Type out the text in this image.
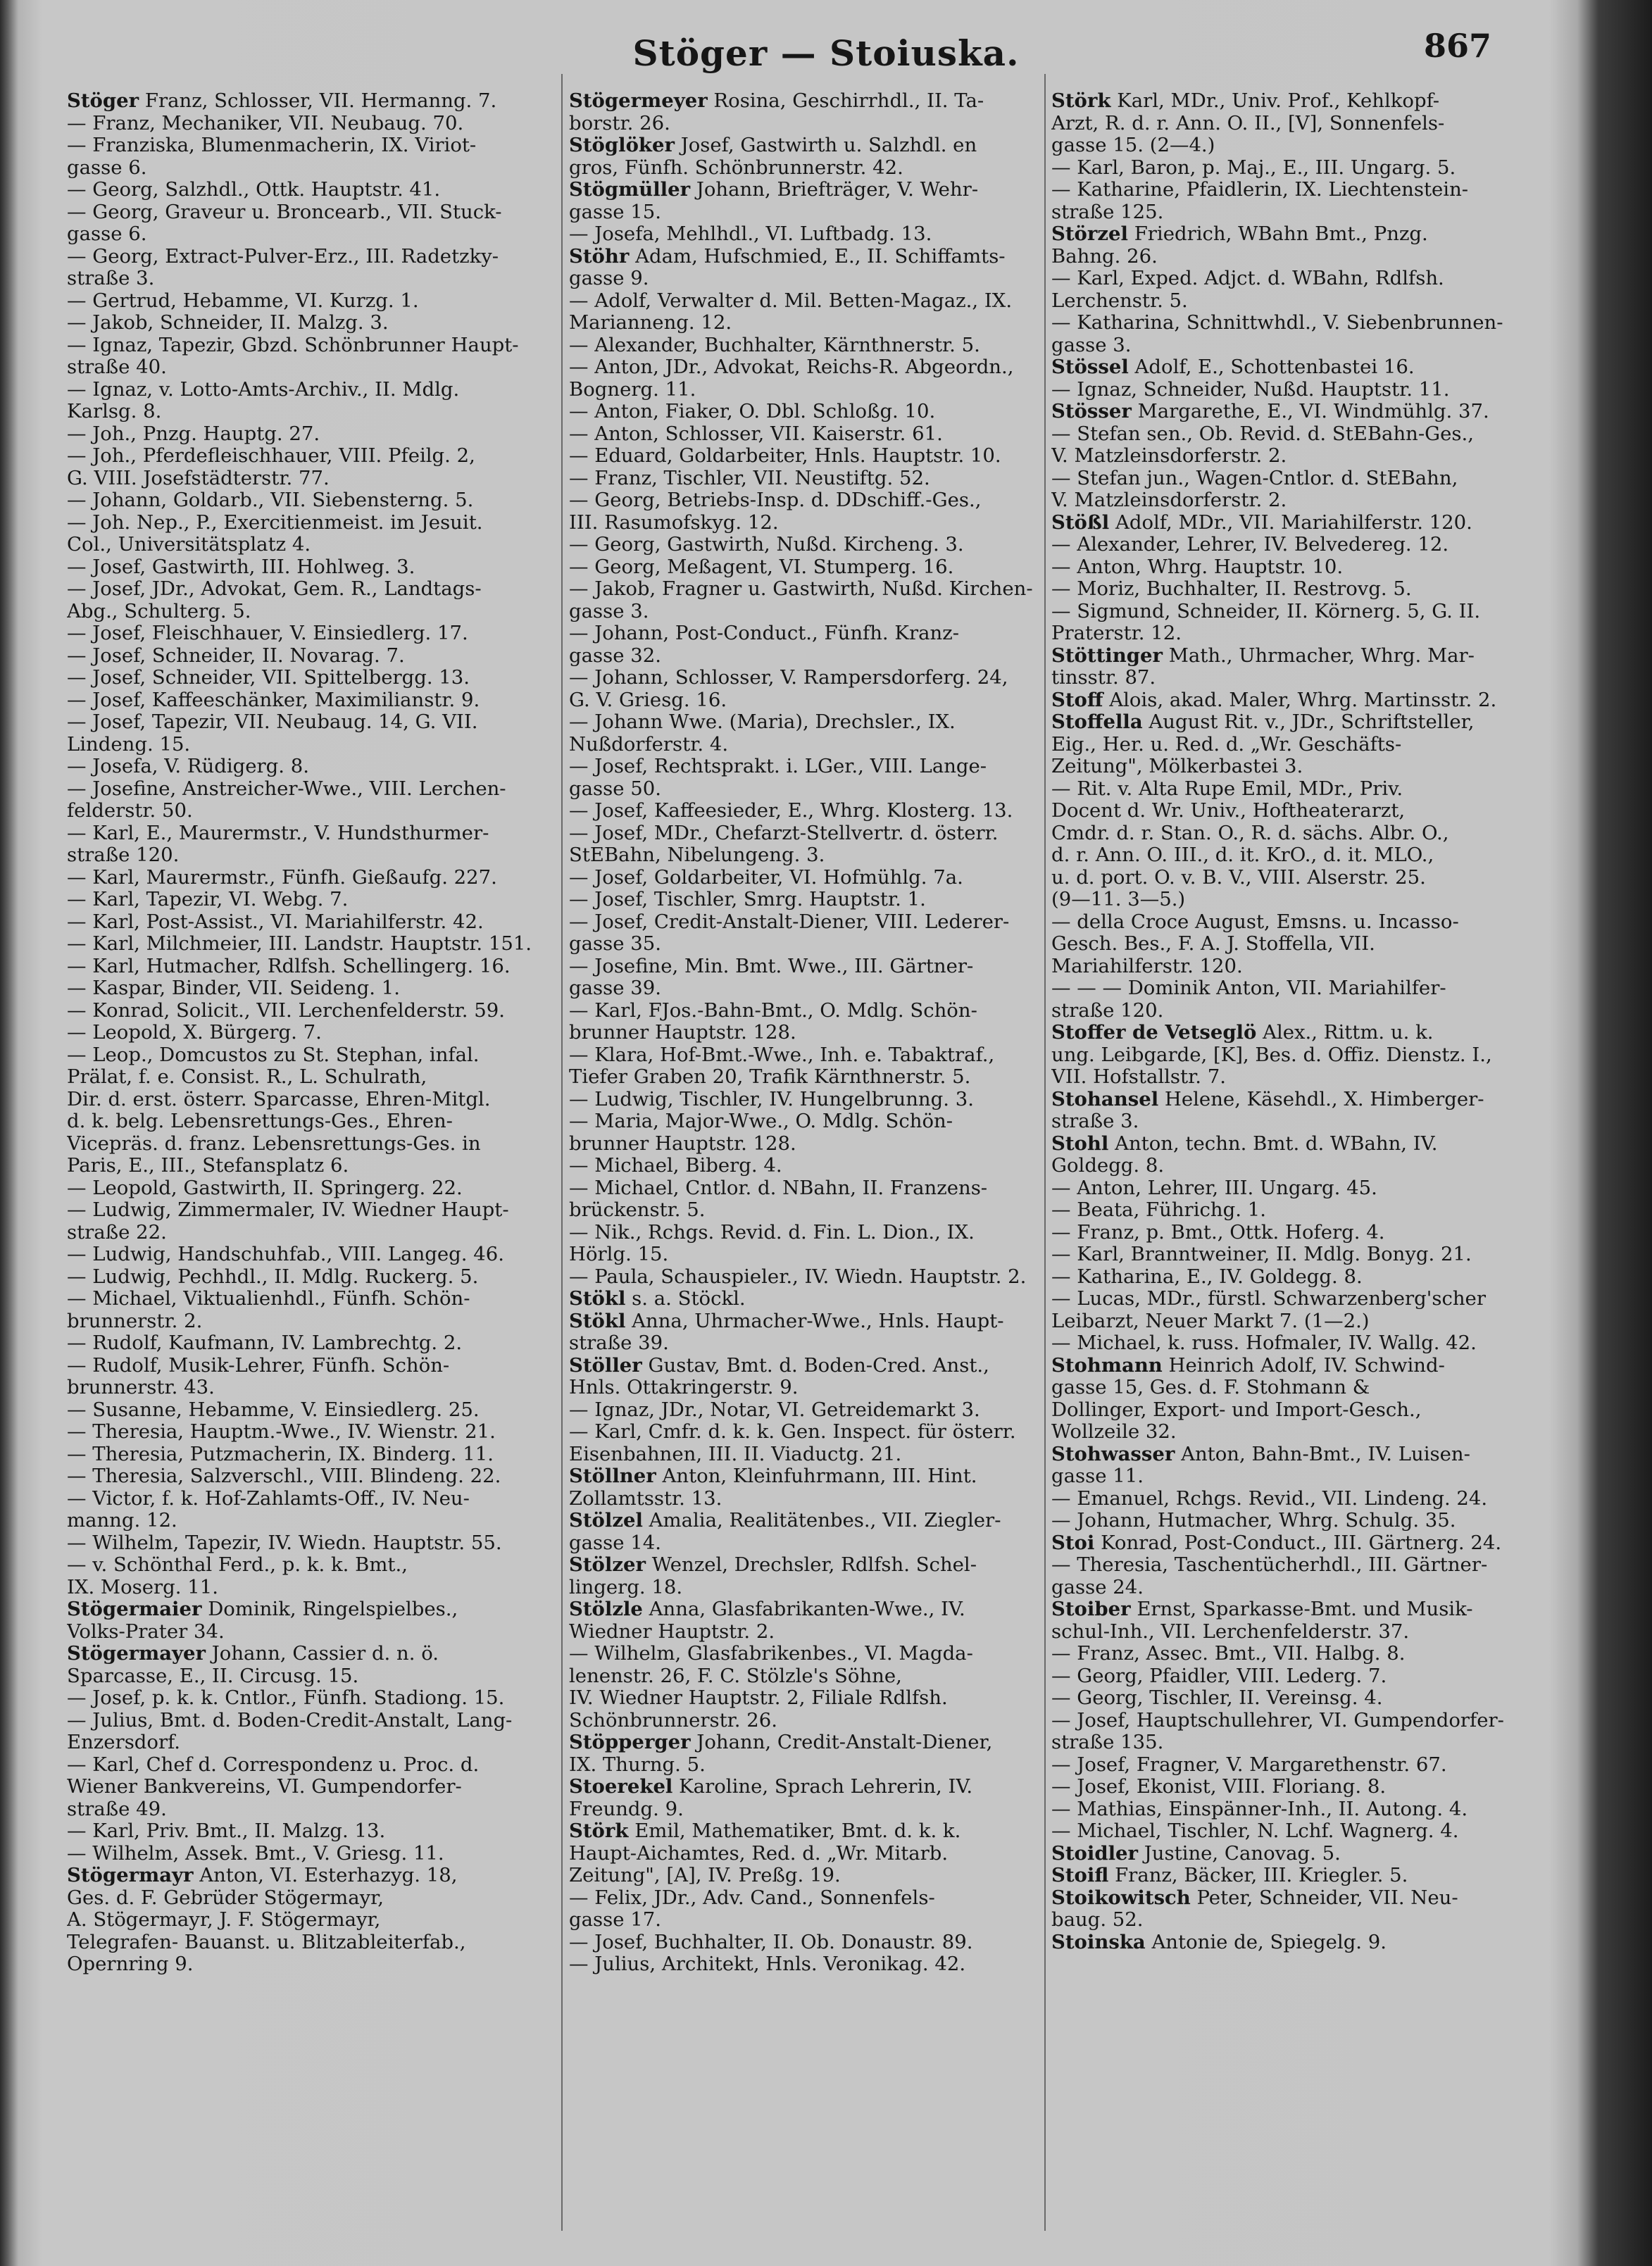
Stöger — Stoiuska.	867
Stöger Franz, Schlosser, VII. Hermanng. 7.
— Franz, Mechaniker, VII. Neubaug. 70.
— Franziska, Blumenmacherin, IX. Viriot-
gasse 6.
— Georg, Salzhdl., Ottk. Hauptstr. 41.
— Georg, Graveur u. Broncearb., VII. Stuck-
gasse 6.
— Georg, Extract-Pulver-Erz., III. Radetzky-
straße 3.
— Gertrud, Hebamme, VI. Kurzg. 1.
— Jakob, Schneider, II. Malzg. 3.
— Ignaz, Tapezir, Gbzd. Schönbrunner Haupt-
straße 40.
— Ignaz, v. Lotto-Amts-Archiv., II. Mdlg.
Karlsg. 8.
— Joh., Pnzg. Hauptg. 27.
— Joh., Pferdefleischhauer, VIII. Pfeilg. 2,
G. VIII. Josefstädterstr. 77.
— Johann, Goldarb., VII. Siebensterng. 5.
— Joh. Nep., P., Exercitienmeist. im Jesuit.
Col., Universitätsplatz 4.
— Josef, Gastwirth, III. Hohlweg. 3.
— Josef, JDr., Advokat, Gem. R., Landtags-
Abg., Schulterg. 5.
— Josef, Fleischhauer, V. Einsiedlerg. 17.
— Josef, Schneider, II. Novarag. 7.
— Josef, Schneider, VII. Spittelbergg. 13.
— Josef, Kaffeeschänker, Maximilianstr. 9.
— Josef, Tapezir, VII. Neubaug. 14, G. VII.
Lindeng. 15.
— Josefa, V. Rüdigerg. 8.
— Josefine, Anstreicher-Wwe., VIII. Lerchen-
felderstr. 50.
— Karl, E., Maurermstr., V. Hundsthurmer-
straße 120.
— Karl, Maurermstr., Fünfh. Gießaufg. 227.
— Karl, Tapezir, VI. Webg. 7.
— Karl, Post-Assist., VI. Mariahilferstr. 42.
— Karl, Milchmeier, III. Landstr. Hauptstr. 151.
— Karl, Hutmacher, Rdlfsh. Schellingerg. 16.
— Kaspar, Binder, VII. Seideng. 1.
— Konrad, Solicit., VII. Lerchenfelderstr. 59.
— Leopold, X. Bürgerg. 7.
— Leop., Domcustos zu St. Stephan, infal.
Prälat, f. e. Consist. R., L. Schulrath,
Dir. d. erst. österr. Sparcasse, Ehren-Mitgl.
d. k. belg. Lebensrettungs-Ges., Ehren-
Vicepräs. d. franz. Lebensrettungs-Ges. in
Paris, E., III., Stefansplatz 6.
— Leopold, Gastwirth, II. Springerg. 22.
— Ludwig, Zimmermaler, IV. Wiedner Haupt-
straße 22.
— Ludwig, Handschuhfab., VIII. Langeg. 46.
— Ludwig, Pechhdl., II. Mdlg. Ruckerg. 5.
— Michael, Viktualienhdl., Fünfh. Schön-
brunnerstr. 2.
— Rudolf, Kaufmann, IV. Lambrechtg. 2.
— Rudolf, Musik-Lehrer, Fünfh. Schön-
brunnerstr. 43.
— Susanne, Hebamme, V. Einsiedlerg. 25.
— Theresia, Hauptm.-Wwe., IV. Wienstr. 21.
— Theresia, Putzmacherin, IX. Binderg. 11.
— Theresia, Salzverschl., VIII. Blindeng. 22.
— Victor, f. k. Hof-Zahlamts-Off., IV. Neu-
manng. 12.
— Wilhelm, Tapezir, IV. Wiedn. Hauptstr. 55.
— v. Schönthal Ferd., p. k. k. Bmt.,
IX. Moserg. 11.
Stögermaier Dominik, Ringelspielbes.,
Volks-Prater 34.
Stögermayer Johann, Cassier d. n. ö.
Sparcasse, E., II. Circusg. 15.
— Josef, p. k. k. Cntlor., Fünfh. Stadiong. 15.
— Julius, Bmt. d. Boden-Credit-Anstalt, Lang-
Enzersdorf.
— Karl, Chef d. Correspondenz u. Proc. d.
Wiener Bankvereins, VI. Gumpendorfer-
straße 49.
— Karl, Priv. Bmt., II. Malzg. 13.
— Wilhelm, Assek. Bmt., V. Griesg. 11.
Stögermayr Anton, VI. Esterhazyg. 18,
Ges. d. F. Gebrüder Stögermayr,
A. Stögermayr, J. F. Stögermayr,
Telegrafen- Bauanst. u. Blitzableiterfab.,
Opernring 9.
Stögermeyer Rosina, Geschirrhdl., II. Ta-
borstr. 26.
Stöglöker Josef, Gastwirth u. Salzhdl. en
gros, Fünfh. Schönbrunnerstr. 42.
Stögmüller Johann, Briefträger, V. Wehr-
gasse 15.
— Josefa, Mehlhdl., VI. Luftbadg. 13.
Stöhr Adam, Hufschmied, E., II. Schiffamts-
gasse 9.
— Adolf, Verwalter d. Mil. Betten-Magaz., IX.
Marianneng. 12.
— Alexander, Buchhalter, Kärnthnerstr. 5.
— Anton, JDr., Advokat, Reichs-R. Abgeordn.,
Bognerg. 11.
— Anton, Fiaker, O. Dbl. Schloßg. 10.
— Anton, Schlosser, VII. Kaiserstr. 61.
— Eduard, Goldarbeiter, Hnls. Hauptstr. 10.
— Franz, Tischler, VII. Neustiftg. 52.
— Georg, Betriebs-Insp. d. DDschiff.-Ges.,
III. Rasumofskyg. 12.
— Georg, Gastwirth, Nußd. Kircheng. 3.
— Georg, Meßagent, VI. Stumperg. 16.
— Jakob, Fragner u. Gastwirth, Nußd. Kirchen-
gasse 3.
— Johann, Post-Conduct., Fünfh. Kranz-
gasse 32.
— Johann, Schlosser, V. Rampersdorferg. 24,
G. V. Griesg. 16.
— Johann Wwe. (Maria), Drechsler., IX.
Nußdorferstr. 4.
— Josef, Rechtsprakt. i. LGer., VIII. Lange-
gasse 50.
— Josef, Kaffeesieder, E., Whrg. Klosterg. 13.
— Josef, MDr., Chefarzt-Stellvertr. d. österr.
StEBahn, Nibelungeng. 3.
— Josef, Goldarbeiter, VI. Hofmühlg. 7a.
— Josef, Tischler, Smrg. Hauptstr. 1.
— Josef, Credit-Anstalt-Diener, VIII. Lederer-
gasse 35.
— Josefine, Min. Bmt. Wwe., III. Gärtner-
gasse 39.
— Karl, FJos.-Bahn-Bmt., O. Mdlg. Schön-
brunner Hauptstr. 128.
— Klara, Hof-Bmt.-Wwe., Inh. e. Tabaktraf.,
Tiefer Graben 20, Trafik Kärnthnerstr. 5.
— Ludwig, Tischler, IV. Hungelbrunng. 3.
— Maria, Major-Wwe., O. Mdlg. Schön-
brunner Hauptstr. 128.
— Michael, Biberg. 4.
— Michael, Cntlor. d. NBahn, II. Franzens-
brückenstr. 5.
— Nik., Rchgs. Revid. d. Fin. L. Dion., IX.
Hörlg. 15.
— Paula, Schauspieler., IV. Wiedn. Hauptstr. 2.
Stökl s. a. Stöckl.
Stökl Anna, Uhrmacher-Wwe., Hnls. Haupt-
straße 39.
Stöller Gustav, Bmt. d. Boden-Cred. Anst.,
Hnls. Ottakringerstr. 9.
— Ignaz, JDr., Notar, VI. Getreidemarkt 3.
— Karl, Cmfr. d. k. k. Gen. Inspect. für österr.
Eisenbahnen, III. II. Viaductg. 21.
Stöllner Anton, Kleinfuhrmann, III. Hint.
Zollamtsstr. 13.
Stölzel Amalia, Realitätenbes., VII. Ziegler-
gasse 14.
Stölzer Wenzel, Drechsler, Rdlfsh. Schel-
lingerg. 18.
Stölzle Anna, Glasfabrikanten-Wwe., IV.
Wiedner Hauptstr. 2.
— Wilhelm, Glasfabrikenbes., VI. Magda-
lenenstr. 26, F. C. Stölzle's Söhne,
IV. Wiedner Hauptstr. 2, Filiale Rdlfsh.
Schönbrunnerstr. 26.
Stöpperger Johann, Credit-Anstalt-Diener,
IX. Thurng. 5.
Stoerekel Karoline, Sprach Lehrerin, IV.
Freundg. 9.
Störk Emil, Mathematiker, Bmt. d. k. k.
Haupt-Aichamtes, Red. d. „Wr. Mitarb.
Zeitung", [A], IV. Preßg. 19.
— Felix, JDr., Adv. Cand., Sonnenfels-
gasse 17.
— Josef, Buchhalter, II. Ob. Donaustr. 89.
— Julius, Architekt, Hnls. Veronikag. 42.
Störk Karl, MDr., Univ. Prof., Kehlkopf-
Arzt, R. d. r. Ann. O. II., [V], Sonnenfels-
gasse 15. (2—4.)
— Karl, Baron, p. Maj., E., III. Ungarg. 5.
— Katharine, Pfaidlerin, IX. Liechtenstein-
straße 125.
Störzel Friedrich, WBahn Bmt., Pnzg.
Bahng. 26.
— Karl, Exped. Adjct. d. WBahn, Rdlfsh.
Lerchenstr. 5.
— Katharina, Schnittwhdl., V. Siebenbrunnen-
gasse 3.
Stössel Adolf, E., Schottenbastei 16.
— Ignaz, Schneider, Nußd. Hauptstr. 11.
Stösser Margarethe, E., VI. Windmühlg. 37.
— Stefan sen., Ob. Revid. d. StEBahn-Ges.,
V. Matzleinsdorferstr. 2.
— Stefan jun., Wagen-Cntlor. d. StEBahn,
V. Matzleinsdorferstr. 2.
Stößl Adolf, MDr., VII. Mariahilferstr. 120.
— Alexander, Lehrer, IV. Belvedereg. 12.
— Anton, Whrg. Hauptstr. 10.
— Moriz, Buchhalter, II. Restrovg. 5.
— Sigmund, Schneider, II. Körnerg. 5, G. II.
Praterstr. 12.
Stöttinger Math., Uhrmacher, Whrg. Mar-
tinsstr. 87.
Stoff Alois, akad. Maler, Whrg. Martinsstr. 2.
Stoffella August Rit. v., JDr., Schriftsteller,
Eig., Her. u. Red. d. „Wr. Geschäfts-
Zeitung", Mölkerbastei 3.
— Rit. v. Alta Rupe Emil, MDr., Priv.
Docent d. Wr. Univ., Hoftheaterarzt,
Cmdr. d. r. Stan. O., R. d. sächs. Albr. O.,
d. r. Ann. O. III., d. it. KrO., d. it. MLO.,
u. d. port. O. v. B. V., VIII. Alserstr. 25.
(9—11. 3—5.)
— della Croce August, Emsns. u. Incasso-
Gesch. Bes., F. A. J. Stoffella, VII.
Mariahilferstr. 120.
— — — Dominik Anton, VII. Mariahilfer-
straße 120.
Stoffer de Vetseglö Alex., Rittm. u. k.
ung. Leibgarde, [K], Bes. d. Offiz. Dienstz. I.,
VII. Hofstallstr. 7.
Stohansel Helene, Käsehdl., X. Himberger-
straße 3.
Stohl Anton, techn. Bmt. d. WBahn, IV.
Goldegg. 8.
— Anton, Lehrer, III. Ungarg. 45.
— Beata, Führichg. 1.
— Franz, p. Bmt., Ottk. Hoferg. 4.
— Karl, Branntweiner, II. Mdlg. Bonyg. 21.
— Katharina, E., IV. Goldegg. 8.
— Lucas, MDr., fürstl. Schwarzenberg'scher
Leibarzt, Neuer Markt 7. (1—2.)
— Michael, k. russ. Hofmaler, IV. Wallg. 42.
Stohmann Heinrich Adolf, IV. Schwind-
gasse 15, Ges. d. F. Stohmann &
Dollinger, Export- und Import-Gesch.,
Wollzeile 32.
Stohwasser Anton, Bahn-Bmt., IV. Luisen-
gasse 11.
— Emanuel, Rchgs. Revid., VII. Lindeng. 24.
— Johann, Hutmacher, Whrg. Schulg. 35.
Stoi Konrad, Post-Conduct., III. Gärtnerg. 24.
— Theresia, Taschentücherhdl., III. Gärtner-
gasse 24.
Stoiber Ernst, Sparkasse-Bmt. und Musik-
schul-Inh., VII. Lerchenfelderstr. 37.
— Franz, Assec. Bmt., VII. Halbg. 8.
— Georg, Pfaidler, VIII. Lederg. 7.
— Georg, Tischler, II. Vereinsg. 4.
— Josef, Hauptschullehrer, VI. Gumpendorfer-
straße 135.
— Josef, Fragner, V. Margarethenstr. 67.
— Josef, Ekonist, VIII. Floriang. 8.
— Mathias, Einspänner-Inh., II. Autong. 4.
— Michael, Tischler, N. Lchf. Wagnerg. 4.
Stoidler Justine, Canovag. 5.
Stoifl Franz, Bäcker, III. Kriegler. 5.
Stoikowitsch Peter, Schneider, VII. Neu-
baug. 52.
Stoinska Antonie de, Spiegelg. 9.
